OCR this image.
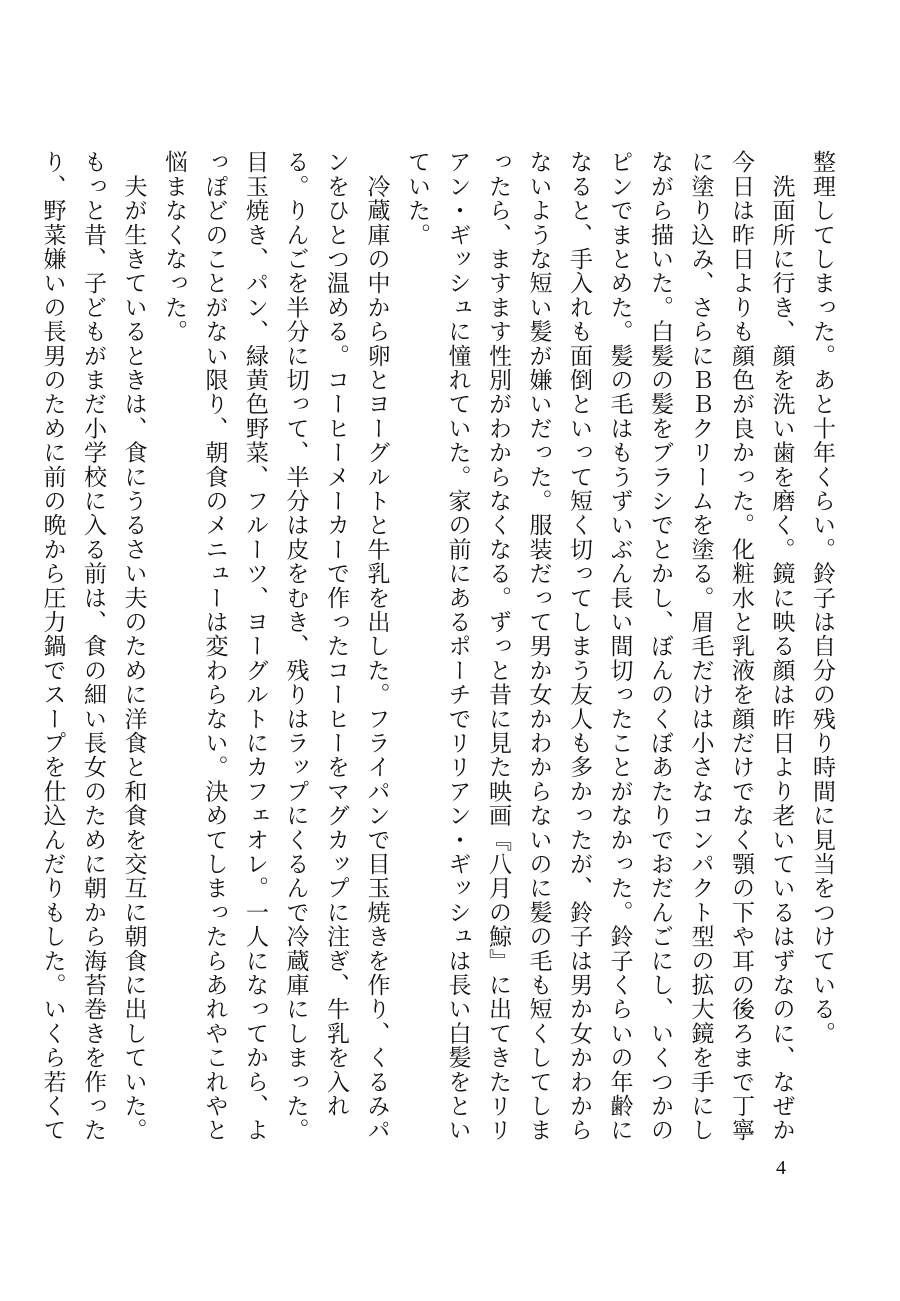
整理してしまった。あと十年くらい。鈴子は自分の残り時間に見当をつけている。

　洗面所に行き、顔を洗い歯を磨く。鏡に映る顔は昨日より老いているはずなのに、なぜか今日は昨日よりも顔色が良かった。化粧水と乳液を顔だけでなく顎の下や耳の後ろまで丁寧に塗り込み、さらにＢＢクリームを塗る。眉毛だけは小さなコンパクト型の拡大鏡を手にしながら描いた。白髪の髪をブラシでとかし、ぼんのくぼあたりでおだんごにし、いくつかのピンでまとめた。髪の毛はもうずいぶん長い間切ったことがなかった。鈴子くらいの年齢になると、手入れも面倒といって短く切ってしまう友人も多かったが、鈴子は男か女かわからないような短い髪が嫌いだった。服装だって男か女かわからないのに髪の毛も短くしてしまったら、ますます性別がわからなくなる。ずっと昔に見た映画『八月の鯨』に出てきたリリアン・ギッシュに憧れていた。家の前にあるポーチでリリアン・ギッシュは長い白髪をといていた。

　冷蔵庫の中から卵とヨーグルトと牛乳を出した。フライパンで目玉焼きを作り、くるみパンをひとつ温める。コーヒーメーカーで作ったコーヒーをマグカップに注ぎ、牛乳を入れる。りんごを半分に切って、半分は皮をむき、残りはラップにくるんで冷蔵庫にしまった。目玉焼き、パン、緑黄色野菜、フルーツ、ヨーグルトにカフェオレ。一人になってから、よっぽどのことがない限り、朝食のメニューは変わらない。決めてしまったらあれやこれやと悩まなくなった。

　夫が生きているときは、食にうるさい夫のために洋食と和食を交互に朝食に出していた。もっと昔、子どもがまだ小学校に入る前は、食の細い長女のために朝から海苔巻きを作ったり、野菜嫌いの長男のために前の晩から圧力鍋でスープを仕込んだりもした。いくら若くて

4
